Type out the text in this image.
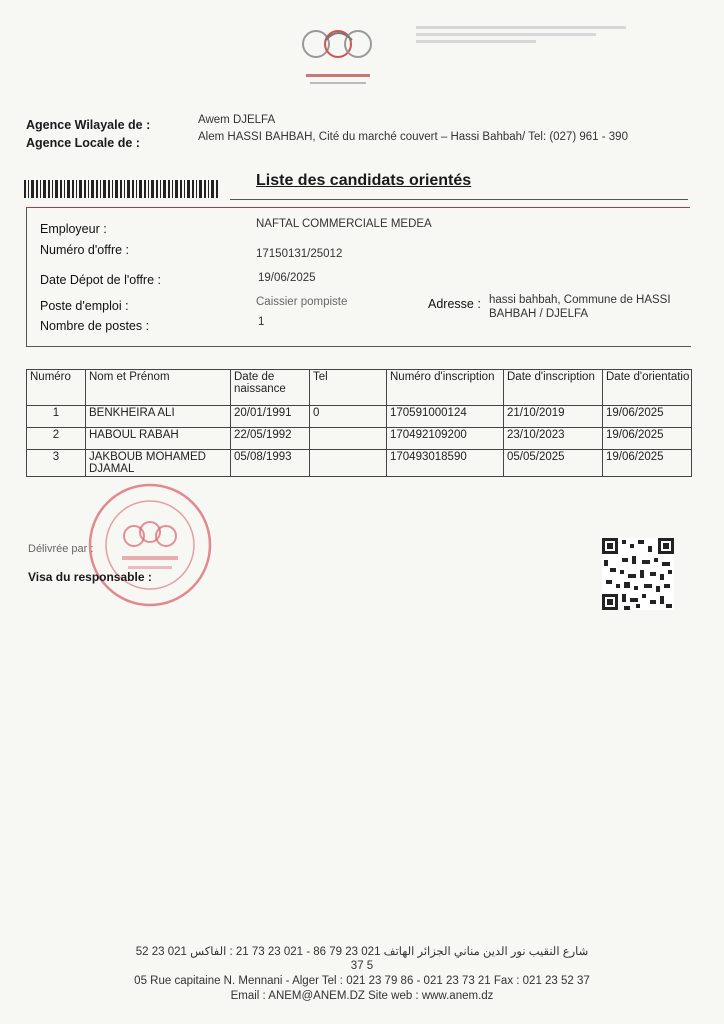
Agence Wilayale de :	Awem DJELFA
Agence Locale de :	Alem HASSI BAHBAH, Cité du marché couvert – Hassi Bahbah/ Tel: (027) 961 - 390
Liste des candidats orientés
Employeur :	NAFTAL COMMERCIALE MEDEA
Numéro d'offre :	17150131/25012
Date Dépot de l'offre :	19/06/2025
Poste d'emploi :	Caissier pompiste	Adresse : hassi bahbah, Commune de HASSI
BAHBAH / DJELFA
Nombre de postes :	1
Numéro	Nom et Prénom	Date de naissance	Tel	Numéro d'inscription	Date d'inscription	Date d'orientatio
1	BENKHEIRA ALI	20/01/1991	0	170591000124	21/10/2019	19/06/2025
2	HABOUL RABAH	22/05/1992		170492109200	23/10/2023	19/06/2025
3	JAKBOUB MOHAMED DJAMAL	05/08/1993		170493018590	05/05/2025	19/06/2025
Délivrée par :
Visa du responsable :
شارع النقيب نور الدين مناني الجزائر الهاتف 021 23 79 86 - 021 23 73 21 : الفاكس 021 23 52
37 5
05 Rue capitaine N. Mennani - Alger Tel : 021 23 79 86 - 021 23 73 21 Fax : 021 23 52 37
Email : ANEM@ANEM.DZ Site web : www.anem.dz
